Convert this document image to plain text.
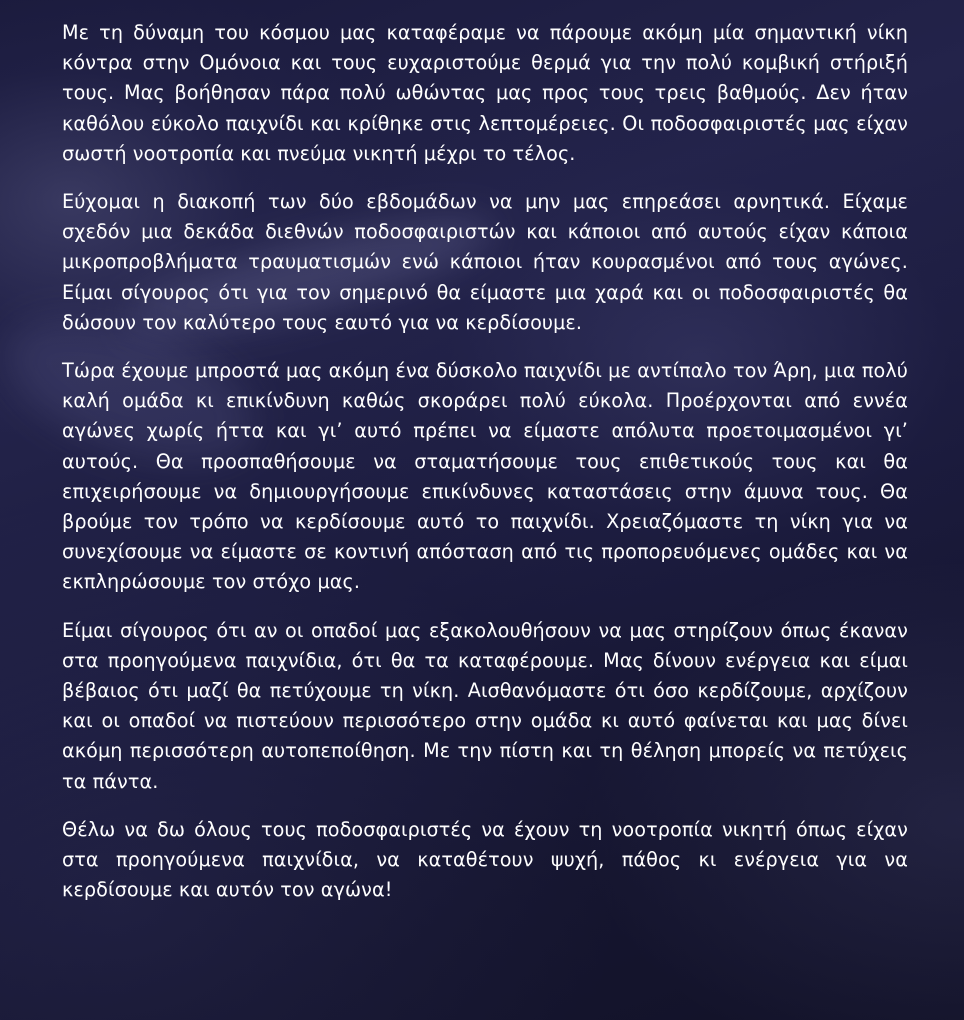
Με τη δύναμη του κόσμου μας καταφέραμε να πάρουμε ακόμη μία σημαντική νίκη κόντρα στην Ομόνοια και τους ευχαριστούμε θερμά για την πολύ κομβική στήριξή τους. Μας βοήθησαν πάρα πολύ ωθώντας μας προς τους τρεις βαθμούς. Δεν ήταν καθόλου εύκολο παιχνίδι και κρίθηκε στις λεπτομέρειες. Οι ποδοσφαιριστές μας είχαν σωστή νοοτροπία και πνεύμα νικητή μέχρι το τέλος.

Εύχομαι η διακοπή των δύο εβδομάδων να μην μας επηρεάσει αρνητικά. Είχαμε σχεδόν μια δεκάδα διεθνών ποδοσφαιριστών και κάποιοι από αυτούς είχαν κάποια μικροπροβλήματα τραυματισμών ενώ κάποιοι ήταν κουρασμένοι από τους αγώνες. Είμαι σίγουρος ότι για τον σημερινό θα είμαστε μια χαρά και οι ποδοσφαιριστές θα δώσουν τον καλύτερο τους εαυτό για να κερδίσουμε.

Τώρα έχουμε μπροστά μας ακόμη ένα δύσκολο παιχνίδι με αντίπαλο τον Άρη, μια πολύ καλή ομάδα κι επικίνδυνη καθώς σκοράρει πολύ εύκολα. Προέρχονται από εννέα αγώνες χωρίς ήττα και γι’ αυτό πρέπει να είμαστε απόλυτα προετοιμασμένοι γι’ αυτούς. Θα προσπαθήσουμε να σταματήσουμε τους επιθετικούς τους και θα επιχειρήσουμε να δημιουργήσουμε επικίνδυνες καταστάσεις στην άμυνα τους. Θα βρούμε τον τρόπο να κερδίσουμε αυτό το παιχνίδι. Χρειαζόμαστε τη νίκη για να συνεχίσουμε να είμαστε σε κοντινή απόσταση από τις προπορευόμενες ομάδες και να εκπληρώσουμε τον στόχο μας.

Είμαι σίγουρος ότι αν οι οπαδοί μας εξακολουθήσουν να μας στηρίζουν όπως έκαναν στα προηγούμενα παιχνίδια, ότι θα τα καταφέρουμε. Μας δίνουν ενέργεια και είμαι βέβαιος ότι μαζί θα πετύχουμε τη νίκη. Αισθανόμαστε ότι όσο κερδίζουμε, αρχίζουν και οι οπαδοί να πιστεύουν περισσότερο στην ομάδα κι αυτό φαίνεται και μας δίνει ακόμη περισσότερη αυτοπεποίθηση. Με την πίστη και τη θέληση μπορείς να πετύχεις τα πάντα.

Θέλω να δω όλους τους ποδοσφαιριστές να έχουν τη νοοτροπία νικητή όπως είχαν στα προηγούμενα παιχνίδια, να καταθέτουν ψυχή, πάθος κι ενέργεια για να κερδίσουμε και αυτόν τον αγώνα!
